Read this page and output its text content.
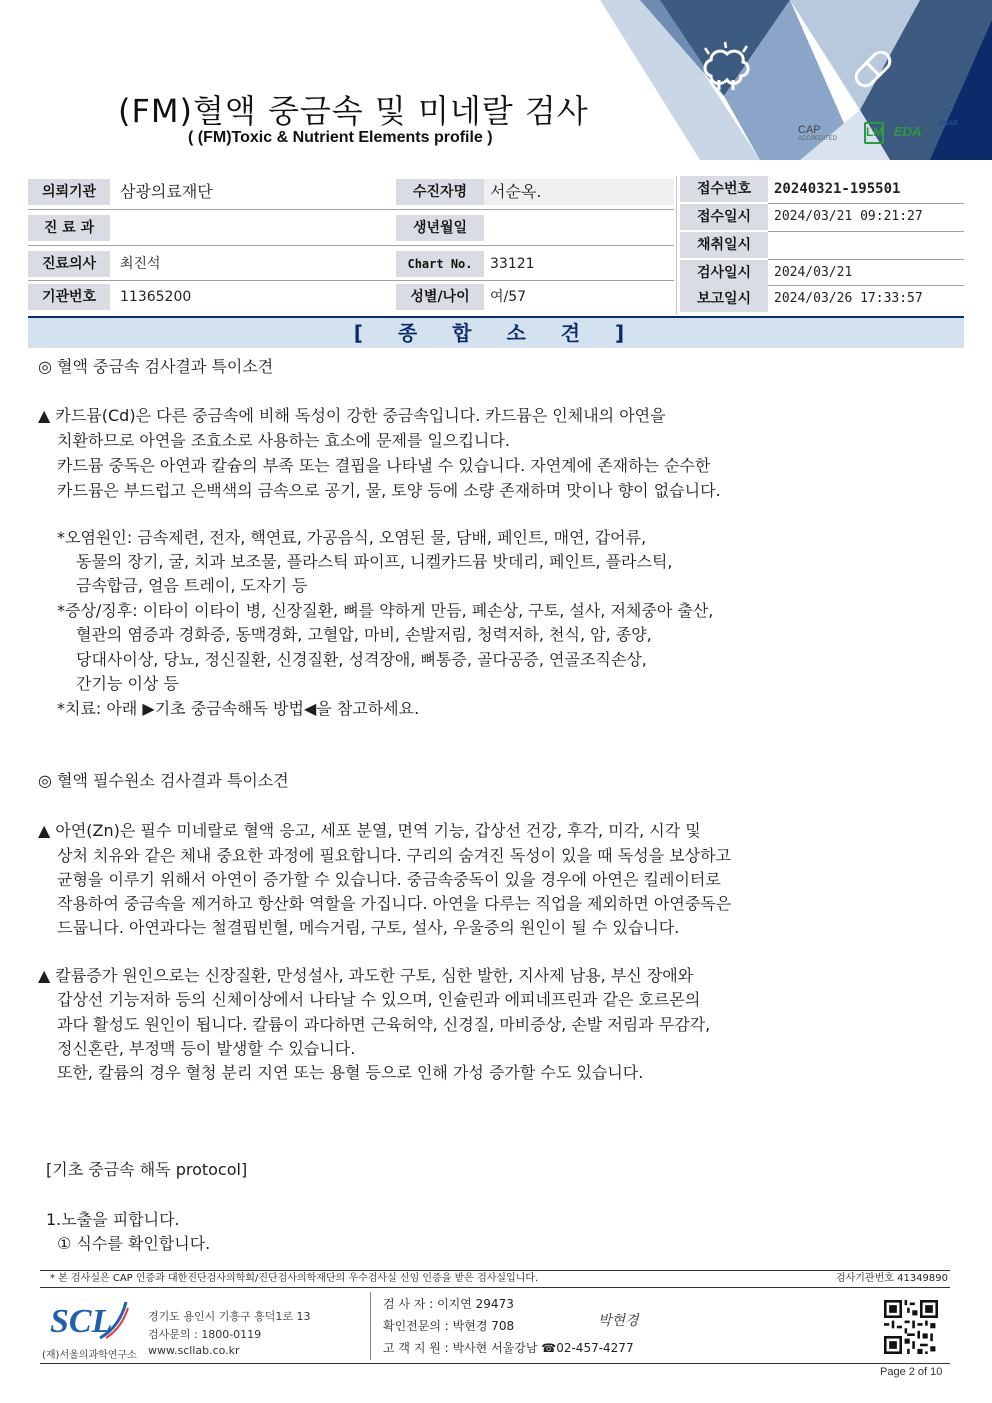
(FM)혈액 중금속 및 미네랄 검사
( (FM)Toxic & Nutrient Elements profile )	CAP
ACCREDITED LM EDA
ANAB
의뢰기관	삼광의료재단
진 료 과
진료의사	최진석
기관번호	11365200
수진자명	서순옥.
생년월일
Chart No.	33121
성별/나이	여/57
접수번호	20240321-195501
접수일시	2024/03/21 09:21:27
채취일시
검사일시	2024/03/21
보고일시	2024/03/26 17:33:57
[ 종 합 소 견 ]
◎ 혈액 중금속 검사결과 특이소견
▲ 카드뮴(Cd)은 다른 중금속에 비해 독성이 강한 중금속입니다. 카드뮴은 인체내의 아연을
치환하므로 아연을 조효소로 사용하는 효소에 문제를 일으킵니다.
카드뮴 중독은 아연과 칼슘의 부족 또는 결핍을 나타낼 수 있습니다. 자연계에 존재하는 순수한
카드뮴은 부드럽고 은백색의 금속으로 공기, 물, 토양 등에 소량 존재하며 맛이나 향이 없습니다.
*오염원인: 금속제련, 전자, 핵연료, 가공음식, 오염된 물, 담배, 페인트, 매연, 갑어류,
동물의 장기, 굴, 치과 보조물, 플라스틱 파이프, 니켈카드뮴 밧데리, 페인트, 플라스틱,
금속합금, 얼음 트레이, 도자기 등
*증상/징후: 이타이 이타이 병, 신장질환, 뼈를 약하게 만듬, 폐손상, 구토, 설사, 저체중아 출산,
혈관의 염증과 경화증, 동맥경화, 고혈압, 마비, 손발저림, 청력저하, 천식, 암, 종양,
당대사이상, 당뇨, 정신질환, 신경질환, 성격장애, 뼈통증, 골다공증, 연골조직손상,
간기능 이상 등
*치료: 아래 ▶기초 중금속해독 방법◀을 참고하세요.
◎ 혈액 필수원소 검사결과 특이소견
▲ 아연(Zn)은 필수 미네랄로 혈액 응고, 세포 분열, 면역 기능, 갑상선 건강, 후각, 미각, 시각 및
상처 치유와 같은 체내 중요한 과정에 필요합니다. 구리의 숨겨진 독성이 있을 때 독성을 보상하고
균형을 이루기 위해서 아연이 증가할 수 있습니다. 중금속중독이 있을 경우에 아연은 킬레이터로
작용하여 중금속을 제거하고 항산화 역할을 가집니다. 아연을 다루는 직업을 제외하면 아연중독은
드뭅니다. 아연과다는 철결핍빈혈, 메슥거림, 구토, 설사, 우울증의 원인이 될 수 있습니다.
▲ 칼륨증가 원인으로는 신장질환, 만성설사, 과도한 구토, 심한 발한, 지사제 남용, 부신 장애와
갑상선 기능저하 등의 신체이상에서 나타날 수 있으며, 인슐린과 에피네프린과 같은 호르몬의
과다 활성도 원인이 됩니다. 칼륨이 과다하면 근육허약, 신경질, 마비증상, 손발 저림과 무감각,
정신혼란, 부정맥 등이 발생할 수 있습니다.
또한, 칼륨의 경우 혈청 분리 지연 또는 용혈 등으로 인해 가성 증가할 수도 있습니다.
[기초 중금속 해독 protocol]
1.노출을 피합니다.
① 식수를 확인합니다.
* 본 검사실은 CAP 인증과 대한진단검사의학회/진단검사의학재단의 우수검사실 신임 인증을 받은 검사실입니다.	검사기관번호 41349890
SCL
(재)서울의과학연구소
경기도 용인시 기흥구 흥덕1로 13
검사문의 : 1800-0119
www.scllab.co.kr
검 사 자 : 이지연 29473
확인전문의 : 박현경 708
고 객 지 원 : 박사현 서울강남 ☎02-457-4277
박현경
Page 2 of 10
